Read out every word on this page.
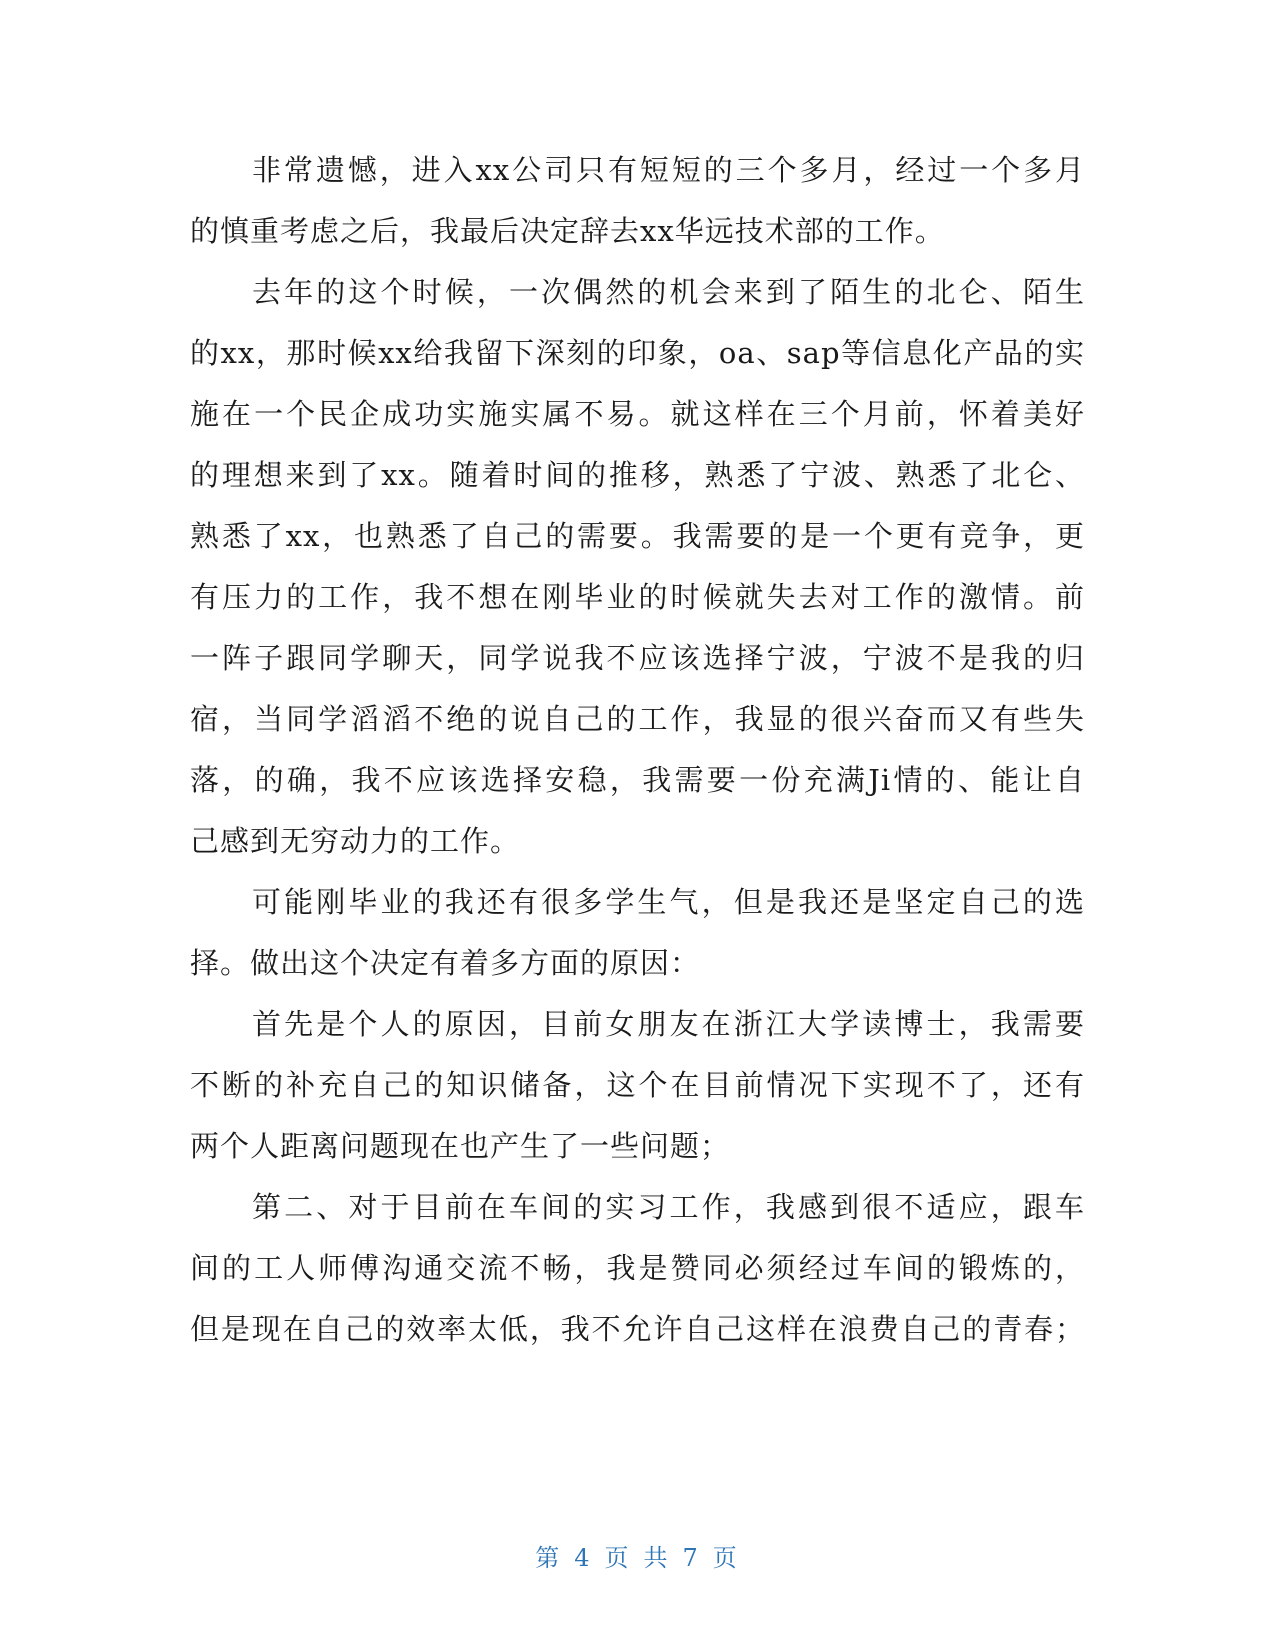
非常遗憾，进入xx公司只有短短的三个多月，经过一个多月
的慎重考虑之后，我最后决定辞去xx华远技术部的工作。
去年的这个时候，一次偶然的机会来到了陌生的北仑、陌生
的xx，那时候xx给我留下深刻的印象，oa、sap等信息化产品的实
施在一个民企成功实施实属不易。就这样在三个月前，怀着美好
的理想来到了xx。随着时间的推移，熟悉了宁波、熟悉了北仑、
熟悉了xx，也熟悉了自己的需要。我需要的是一个更有竞争，更
有压力的工作，我不想在刚毕业的时候就失去对工作的激情。前
一阵子跟同学聊天，同学说我不应该选择宁波，宁波不是我的归
宿，当同学滔滔不绝的说自己的工作，我显的很兴奋而又有些失
落，的确，我不应该选择安稳，我需要一份充满Ji情的、能让自
己感到无穷动力的工作。
可能刚毕业的我还有很多学生气，但是我还是坚定自己的选
择。做出这个决定有着多方面的原因：
首先是个人的原因，目前女朋友在浙江大学读博士，我需要
不断的补充自己的知识储备，这个在目前情况下实现不了，还有
两个人距离问题现在也产生了一些问题；
第二、对于目前在车间的实习工作，我感到很不适应，跟车
间的工人师傅沟通交流不畅，我是赞同必须经过车间的锻炼的，
但是现在自己的效率太低，我不允许自己这样在浪费自己的青春；
第 4 页 共 7 页
